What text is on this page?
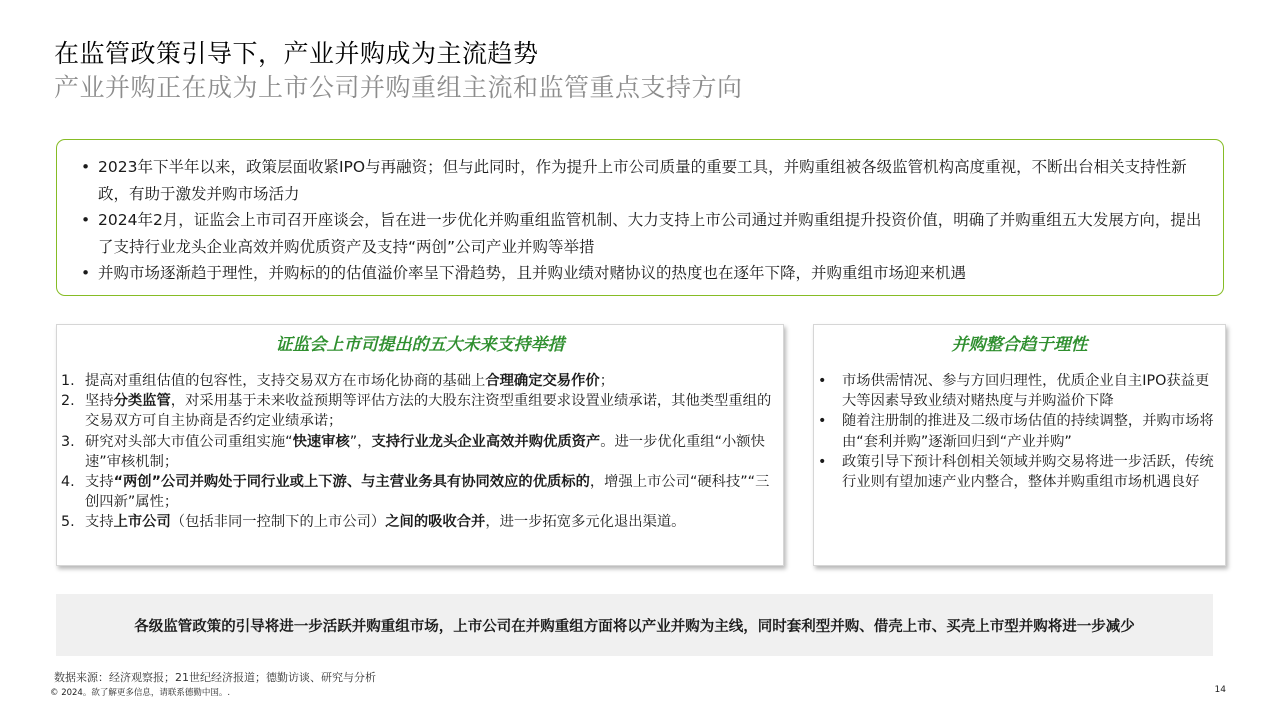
在监管政策引导下，产业并购成为主流趋势
产业并购正在成为上市公司并购重组主流和监管重点支持方向
• 2023年下半年以来，政策层面收紧IPO与再融资；但与此同时，作为提升上市公司质量的重要工具，并购重组被各级监管机构高度重视，不断出台相关支持性新政，有助于激发并购市场活力
• 2024年2月，证监会上市司召开座谈会，旨在进一步优化并购重组监管机制、大力支持上市公司通过并购重组提升投资价值，明确了并购重组五大发展方向，提出了支持行业龙头企业高效并购优质资产及支持“两创”公司产业并购等举措
• 并购市场逐渐趋于理性，并购标的的估值溢价率呈下滑趋势，且并购业绩对赌协议的热度也在逐年下降，并购重组市场迎来机遇
证监会上市司提出的五大未来支持举措
1. 提高对重组估值的包容性，支持交易双方在市场化协商的基础上合理确定交易作价；
2. 坚持分类监管，对采用基于未来收益预期等评估方法的大股东注资型重组要求设置业绩承诺，其他类型重组的交易双方可自主协商是否约定业绩承诺；
3. 研究对头部大市值公司重组实施“快速审核”，支持行业龙头企业高效并购优质资产。进一步优化重组“小额快速”审核机制；
4. 支持“两创”公司并购处于同行业或上下游、与主营业务具有协同效应的优质标的，增强上市公司“硬科技”“三创四新”属性；
5. 支持上市公司（包括非同一控制下的上市公司）之间的吸收合并，进一步拓宽多元化退出渠道。
并购整合趋于理性
• 市场供需情况、参与方回归理性，优质企业自主IPO获益更大等因素导致业绩对赌热度与并购溢价下降
• 随着注册制的推进及二级市场估值的持续调整，并购市场将由“套利并购”逐渐回归到“产业并购”
• 政策引导下预计科创相关领域并购交易将进一步活跃，传统行业则有望加速产业内整合，整体并购重组市场机遇良好
各级监管政策的引导将进一步活跃并购重组市场，上市公司在并购重组方面将以产业并购为主线，同时套利型并购、借壳上市、买壳上市型并购将进一步减少
数据来源：经济观察报；21世纪经济报道；德勤访谈、研究与分析
© 2024。欲了解更多信息，请联系德勤中国。.	14
